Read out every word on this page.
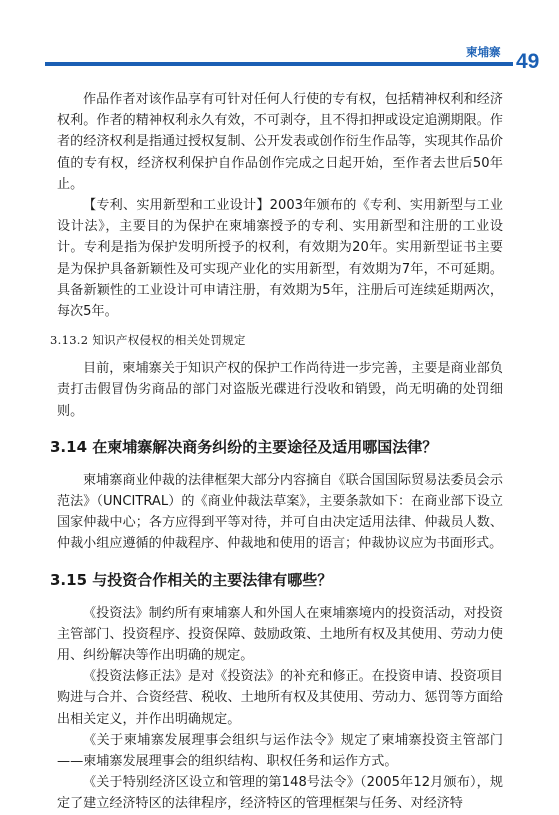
柬埔寨 49

作品作者对该作品享有可针对任何人行使的专有权，包括精神权利和经济权利。作者的精神权利永久有效，不可剥夺，且不得扣押或设定追溯期限。作者的经济权利是指通过授权复制、公开发表或创作衍生作品等，实现其作品价值的专有权，经济权利保护自作品创作完成之日起开始，至作者去世后50年止。

【专利、实用新型和工业设计】2003年颁布的《专利、实用新型与工业设计法》，主要目的为保护在柬埔寨授予的专利、实用新型和注册的工业设计。专利是指为保护发明所授予的权利，有效期为20年。实用新型证书主要是为保护具备新颖性及可实现产业化的实用新型，有效期为7年，不可延期。具备新颖性的工业设计可申请注册，有效期为5年，注册后可连续延期两次，每次5年。

3.13.2 知识产权侵权的相关处罚规定

目前，柬埔寨关于知识产权的保护工作尚待进一步完善，主要是商业部负责打击假冒伪劣商品的部门对盗版光碟进行没收和销毁，尚无明确的处罚细则。

3.14 在柬埔寨解决商务纠纷的主要途径及适用哪国法律？

柬埔寨商业仲裁的法律框架大部分内容摘自《联合国国际贸易法委员会示范法》（UNCITRAL）的《商业仲裁法草案》，主要条款如下：在商业部下设立国家仲裁中心；各方应得到平等对待，并可自由决定适用法律、仲裁员人数、仲裁小组应遵循的仲裁程序、仲裁地和使用的语言；仲裁协议应为书面形式。

3.15 与投资合作相关的主要法律有哪些？

《投资法》制约所有柬埔寨人和外国人在柬埔寨境内的投资活动，对投资主管部门、投资程序、投资保障、鼓励政策、土地所有权及其使用、劳动力使用、纠纷解决等作出明确的规定。

《投资法修正法》是对《投资法》的补充和修正。在投资申请、投资项目购进与合并、合资经营、税收、土地所有权及其使用、劳动力、惩罚等方面给出相关定义，并作出明确规定。

《关于柬埔寨发展理事会组织与运作法令》规定了柬埔寨投资主管部门——柬埔寨发展理事会的组织结构、职权任务和运作方式。

《关于特别经济区设立和管理的第148号法令》（2005年12月颁布），规定了建立经济特区的法律程序，经济特区的管理框架与任务、对经济特
